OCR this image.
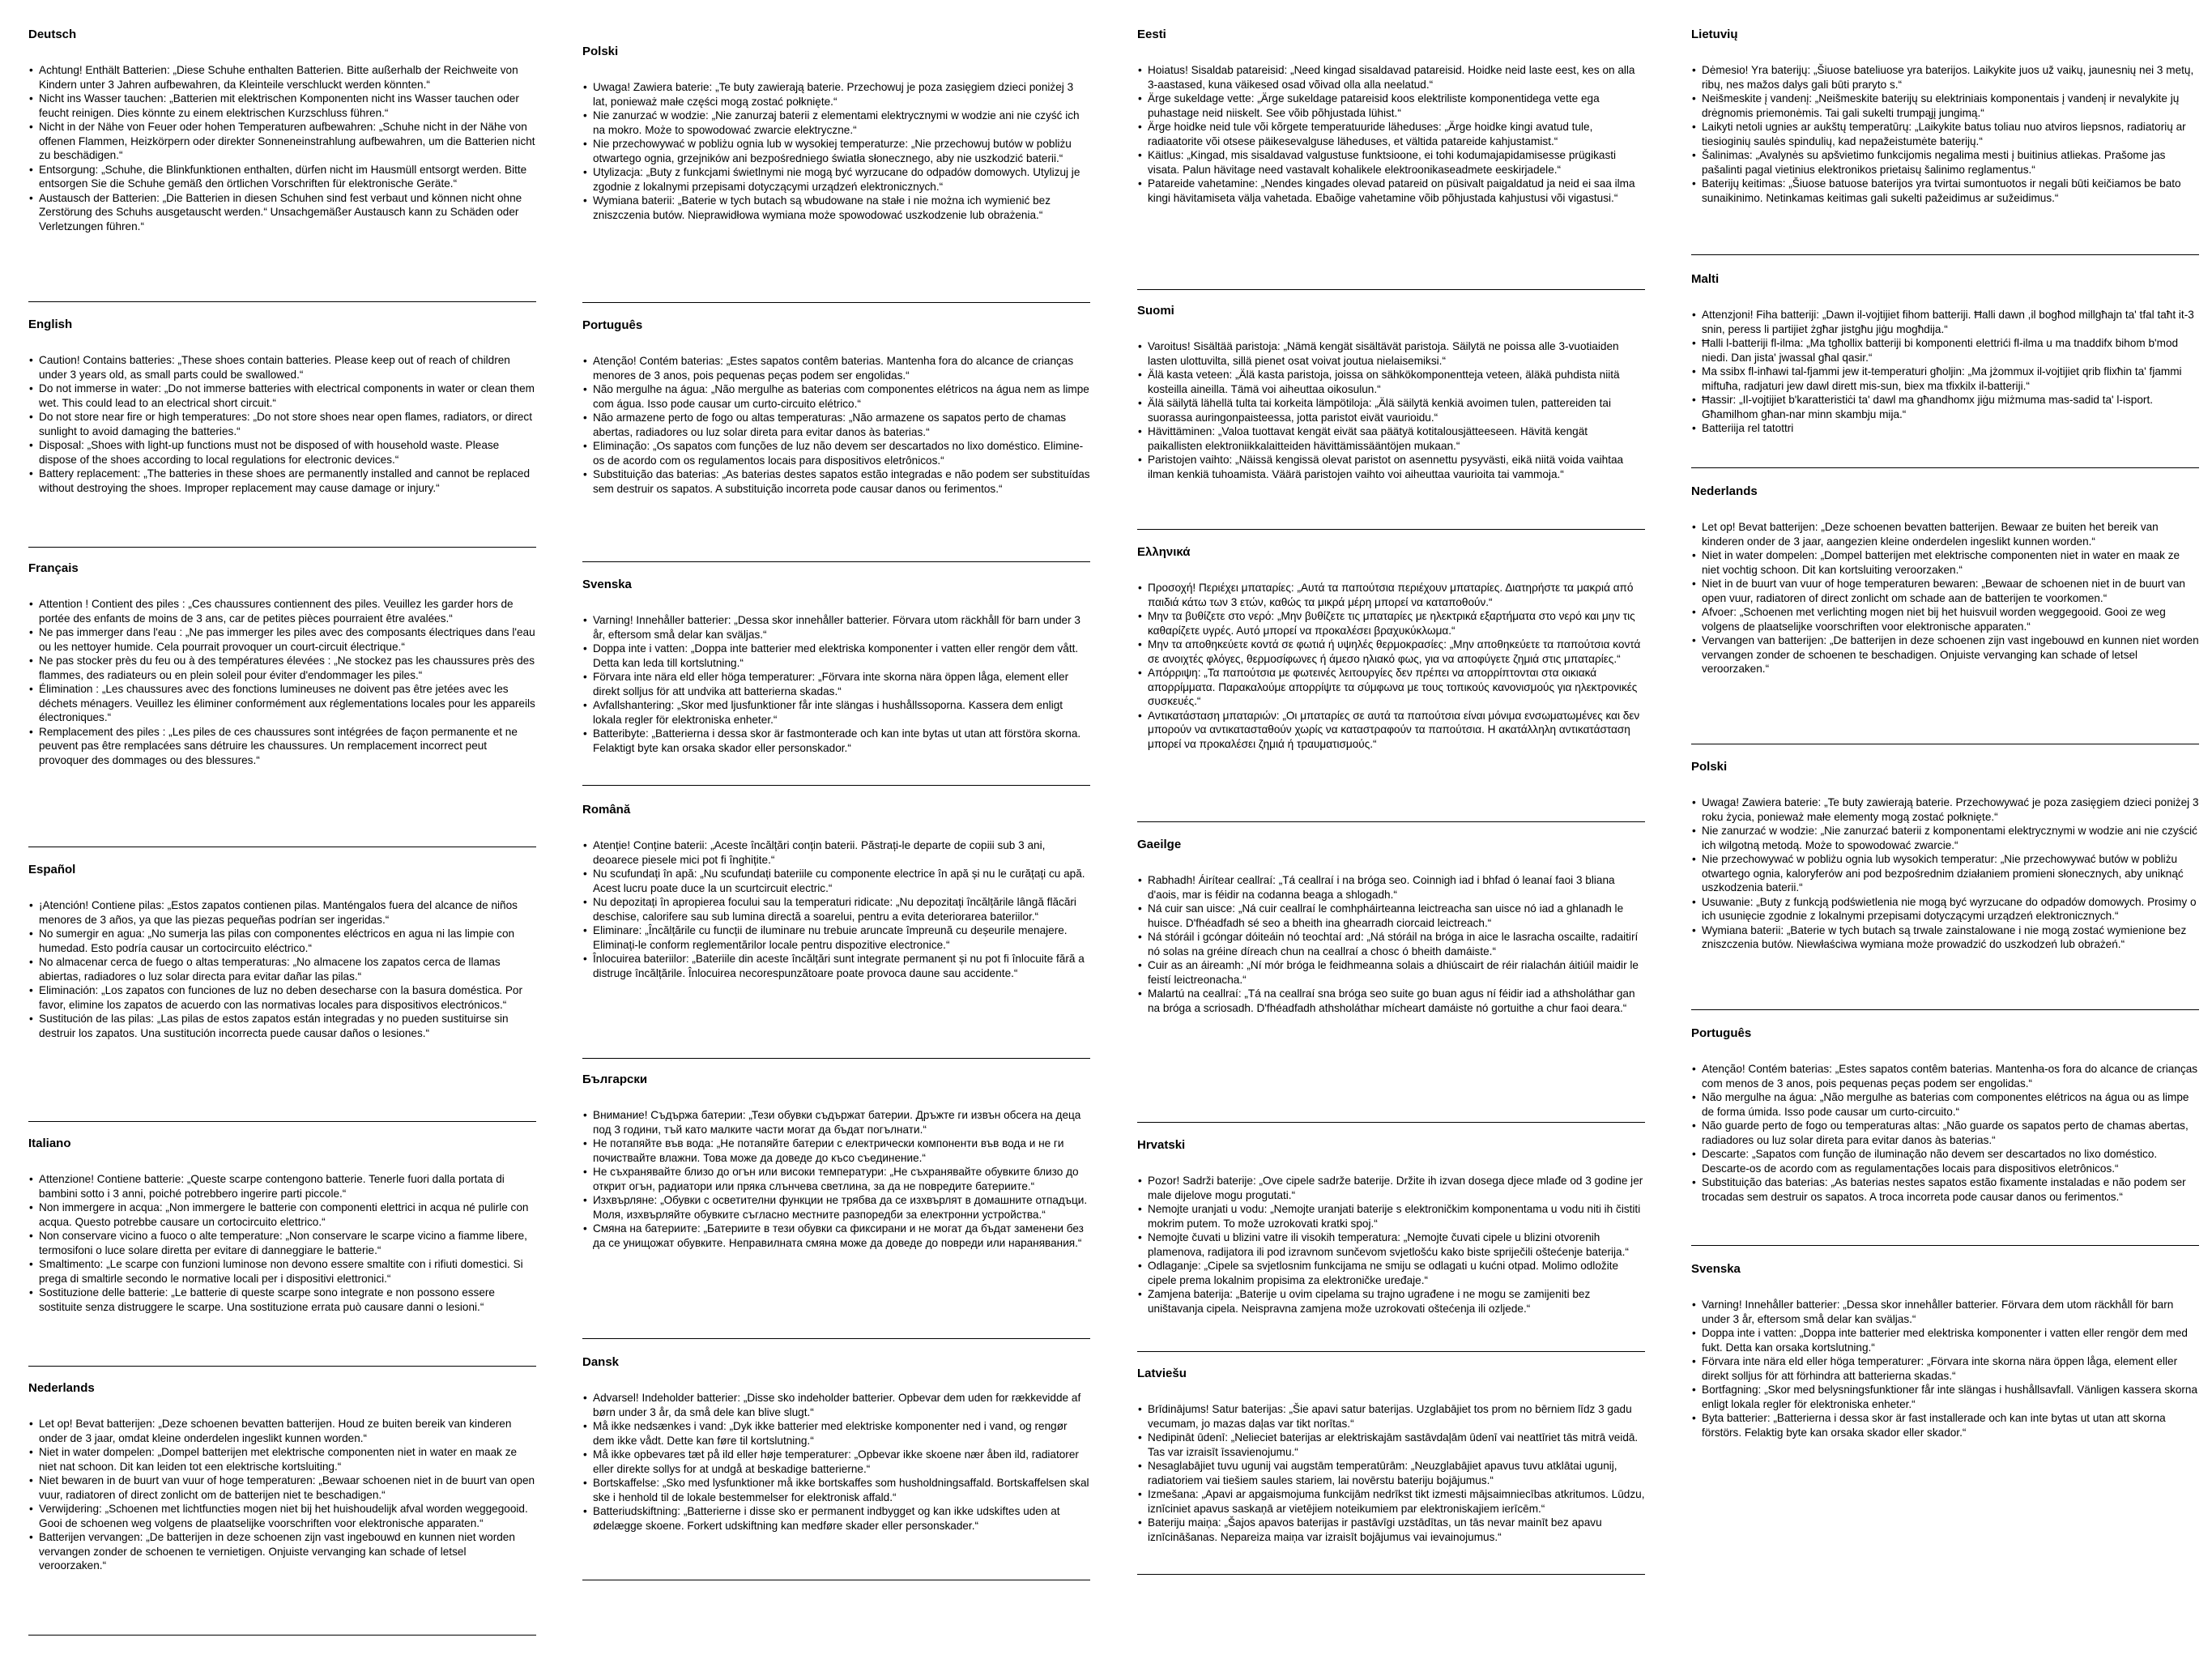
Deutsch
• Achtung! Enthält Batterien: „Diese Schuhe enthalten Batterien. Bitte außerhalb der Reichweite von Kindern unter 3 Jahren aufbewahren, da Kleinteile verschluckt werden könnten.“
• Nicht ins Wasser tauchen: „Batterien mit elektrischen Komponenten nicht ins Wasser tauchen oder feucht reinigen. Dies könnte zu einem elektrischen Kurzschluss führen.“
• Nicht in der Nähe von Feuer oder hohen Temperaturen aufbewahren: „Schuhe nicht in der Nähe von offenen Flammen, Heizkörpern oder direkter Sonneneinstrahlung aufbewahren, um die Batterien nicht zu beschädigen.“
• Entsorgung: „Schuhe, die Blinkfunktionen enthalten, dürfen nicht im Hausmüll entsorgt werden. Bitte entsorgen Sie die Schuhe gemäß den örtlichen Vorschriften für elektronische Geräte.“
• Austausch der Batterien: „Die Batterien in diesen Schuhen sind fest verbaut und können nicht ohne Zerstörung des Schuhs ausgetauscht werden.“ Unsachgemäßer Austausch kann zu Schäden oder Verletzungen führen.“
English
• Caution! Contains batteries: „These shoes contain batteries. Please keep out of reach of children under 3 years old, as small parts could be swallowed.“
• Do not immerse in water: „Do not immerse batteries with electrical components in water or clean them wet. This could lead to an electrical short circuit.“
• Do not store near fire or high temperatures: „Do not store shoes near open flames, radiators, or direct sunlight to avoid damaging the batteries.“
• Disposal: „Shoes with light-up functions must not be disposed of with household waste. Please dispose of the shoes according to local regulations for electronic devices.“
• Battery replacement: „The batteries in these shoes are permanently installed and cannot be replaced without destroying the shoes. Improper replacement may cause damage or injury.“
Français
• Attention ! Contient des piles : „Ces chaussures contiennent des piles. Veuillez les garder hors de portée des enfants de moins de 3 ans, car de petites pièces pourraient être avalées.“
• Ne pas immerger dans l'eau : „Ne pas immerger les piles avec des composants électriques dans l'eau ou les nettoyer humide. Cela pourrait provoquer un court-circuit électrique.“
• Ne pas stocker près du feu ou à des températures élevées : „Ne stockez pas les chaussures près des flammes, des radiateurs ou en plein soleil pour éviter d'endommager les piles.“
• Élimination : „Les chaussures avec des fonctions lumineuses ne doivent pas être jetées avec les déchets ménagers. Veuillez les éliminer conformément aux réglementations locales pour les appareils électroniques.“
• Remplacement des piles : „Les piles de ces chaussures sont intégrées de façon permanente et ne peuvent pas être remplacées sans détruire les chaussures. Un remplacement incorrect peut provoquer des dommages ou des blessures.“
Español
• ¡Atención! Contiene pilas: „Estos zapatos contienen pilas. Manténgalos fuera del alcance de niños menores de 3 años, ya que las piezas pequeñas podrían ser ingeridas.“
• No sumergir en agua: „No sumerja las pilas con componentes eléctricos en agua ni las limpie con humedad. Esto podría causar un cortocircuito eléctrico.“
• No almacenar cerca de fuego o altas temperaturas: „No almacene los zapatos cerca de llamas abiertas, radiadores o luz solar directa para evitar dañar las pilas.“
• Eliminación: „Los zapatos con funciones de luz no deben desecharse con la basura doméstica. Por favor, elimine los zapatos de acuerdo con las normativas locales para dispositivos electrónicos.“
• Sustitución de las pilas: „Las pilas de estos zapatos están integradas y no pueden sustituirse sin destruir los zapatos. Una sustitución incorrecta puede causar daños o lesiones.“
Italiano
• Attenzione! Contiene batterie: „Queste scarpe contengono batterie. Tenerle fuori dalla portata di bambini sotto i 3 anni, poiché potrebbero ingerire parti piccole.“
• Non immergere in acqua: „Non immergere le batterie con componenti elettrici in acqua né pulirle con acqua. Questo potrebbe causare un cortocircuito elettrico.“
• Non conservare vicino a fuoco o alte temperature: „Non conservare le scarpe vicino a fiamme libere, termosifoni o luce solare diretta per evitare di danneggiare le batterie.“
• Smaltimento: „Le scarpe con funzioni luminose non devono essere smaltite con i rifiuti domestici. Si prega di smaltirle secondo le normative locali per i dispositivi elettronici.“
• Sostituzione delle batterie: „Le batterie di queste scarpe sono integrate e non possono essere sostituite senza distruggere le scarpe. Una sostituzione errata può causare danni o lesioni.“
Nederlands
• Let op! Bevat batterijen: „Deze schoenen bevatten batterijen. Houd ze buiten bereik van kinderen onder de 3 jaar, omdat kleine onderdelen ingeslikt kunnen worden.“
• Niet in water dompelen: „Dompel batterijen met elektrische componenten niet in water en maak ze niet nat schoon. Dit kan leiden tot een elektrische kortsluiting.“
• Niet bewaren in de buurt van vuur of hoge temperaturen: „Bewaar schoenen niet in de buurt van open vuur, radiatoren of direct zonlicht om de batterijen niet te beschadigen.“
• Verwijdering: „Schoenen met lichtfuncties mogen niet bij het huishoudelijk afval worden weggegooid. Gooi de schoenen weg volgens de plaatselijke voorschriften voor elektronische apparaten.“
• Batterijen vervangen: „De batterijen in deze schoenen zijn vast ingebouwd en kunnen niet worden vervangen zonder de schoenen te vernietigen. Onjuiste vervanging kan schade of letsel veroorzaken.“
Polski
• Uwaga! Zawiera baterie: „Te buty zawierają baterie. Przechowuj je poza zasięgiem dzieci poniżej 3 lat, ponieważ małe części mogą zostać połknięte.“
• Nie zanurzać w wodzie: „Nie zanurzaj baterii z elementami elektrycznymi w wodzie ani nie czyść ich na mokro. Może to spowodować zwarcie elektryczne.“
• Nie przechowywać w pobliżu ognia lub w wysokiej temperaturze: „Nie przechowuj butów w pobliżu otwartego ognia, grzejników ani bezpośredniego światła słonecznego, aby nie uszkodzić baterii.“
• Utylizacja: „Buty z funkcjami świetlnymi nie mogą być wyrzucane do odpadów domowych. Utylizuj je zgodnie z lokalnymi przepisami dotyczącymi urządzeń elektronicznych.“
• Wymiana baterii: „Baterie w tych butach są wbudowane na stałe i nie można ich wymienić bez zniszczenia butów. Nieprawidłowa wymiana może spowodować uszkodzenie lub obrażenia.“
Português
• Atenção! Contém baterias: „Estes sapatos contêm baterias. Mantenha fora do alcance de crianças menores de 3 anos, pois pequenas peças podem ser engolidas.“
• Não mergulhe na água: „Não mergulhe as baterias com componentes elétricos na água nem as limpe com água. Isso pode causar um curto-circuito elétrico.“
• Não armazene perto de fogo ou altas temperaturas: „Não armazene os sapatos perto de chamas abertas, radiadores ou luz solar direta para evitar danos às baterias.“
• Eliminação: „Os sapatos com funções de luz não devem ser descartados no lixo doméstico. Elimine-os de acordo com os regulamentos locais para dispositivos eletrônicos.“
• Substituição das baterias: „As baterias destes sapatos estão integradas e não podem ser substituídas sem destruir os sapatos. A substituição incorreta pode causar danos ou ferimentos.“
Svenska
• Varning! Innehåller batterier: „Dessa skor innehåller batterier. Förvara utom räckhåll för barn under 3 år, eftersom små delar kan sväljas.“
• Doppa inte i vatten: „Doppa inte batterier med elektriska komponenter i vatten eller rengör dem vått. Detta kan leda till kortslutning.“
• Förvara inte nära eld eller höga temperaturer: „Förvara inte skorna nära öppen låga, element eller direkt solljus för att undvika att batterierna skadas.“
• Avfallshantering: „Skor med ljusfunktioner får inte slängas i hushållssoporna. Kassera dem enligt lokala regler för elektroniska enheter.“
• Batteribyte: „Batterierna i dessa skor är fastmonterade och kan inte bytas ut utan att förstöra skorna. Felaktigt byte kan orsaka skador eller personskador.“
Română
• Atenție! Conține baterii: „Aceste încălțări conțin baterii. Păstrați-le departe de copiii sub 3 ani, deoarece piesele mici pot fi înghițite.“
• Nu scufundați în apă: „Nu scufundați bateriile cu componente electrice în apă și nu le curățați cu apă. Acest lucru poate duce la un scurtcircuit electric.“
• Nu depozitați în apropierea focului sau la temperaturi ridicate: „Nu depozitați încălțările lângă flăcări deschise, calorifere sau sub lumina directă a soarelui, pentru a evita deteriorarea bateriilor.“
• Eliminare: „Încălțările cu funcții de iluminare nu trebuie aruncate împreună cu deșeurile menajere. Eliminați-le conform reglementărilor locale pentru dispozitive electronice.“
• Înlocuirea bateriilor: „Bateriile din aceste încălțări sunt integrate permanent și nu pot fi înlocuite fără a distruge încălțările. Înlocuirea necorespunzătoare poate provoca daune sau accidente.“
Български
• Внимание! Съдържа батерии: „Тези обувки съдържат батерии. Дръжте ги извън обсега на деца под 3 години, тъй като малките части могат да бъдат погълнати.“
• Не потапяйте във вода: „Не потапяйте батерии с електрически компоненти във вода и не ги почиствайте влажни. Това може да доведе до късо съединение.“
• Не съхранявайте близо до огън или високи температури: „Не съхранявайте обувките близо до открит огън, радиатори или пряка слънчева светлина, за да не повредите батериите.“
• Изхвърляне: „Обувки с осветителни функции не трябва да се изхвърлят в домашните отпадъци. Моля, изхвърляйте обувките съгласно местните разпоредби за електронни устройства.“
• Смяна на батериите: „Батериите в тези обувки са фиксирани и не могат да бъдат заменени без да се унищожат обувките. Неправилната смяна може да доведе до повреди или наранявания.“
Dansk
• Advarsel! Indeholder batterier: „Disse sko indeholder batterier. Opbevar dem uden for rækkevidde af børn under 3 år, da små dele kan blive slugt.“
• Må ikke nedsænkes i vand: „Dyk ikke batterier med elektriske komponenter ned i vand, og rengør dem ikke vådt. Dette kan føre til kortslutning.“
• Må ikke opbevares tæt på ild eller høje temperaturer: „Opbevar ikke skoene nær åben ild, radiatorer eller direkte sollys for at undgå at beskadige batterierne.“
• Bortskaffelse: „Sko med lysfunktioner må ikke bortskaffes som husholdningsaffald. Bortskaffelsen skal ske i henhold til de lokale bestemmelser for elektronisk affald.“
• Batteriudskiftning: „Batterierne i disse sko er permanent indbygget og kan ikke udskiftes uden at ødelægge skoene. Forkert udskiftning kan medføre skader eller personskader.“
Eesti
• Hoiatus! Sisaldab patareisid: „Need kingad sisaldavad patareisid. Hoidke neid laste eest, kes on alla 3-aastased, kuna väikesed osad võivad olla alla neelatud.“
• Ärge sukeldage vette: „Ärge sukeldage patareisid koos elektriliste komponentidega vette ega puhastage neid niiskelt. See võib põhjustada lühist.“
• Ärge hoidke neid tule või kõrgete temperatuuride läheduses: „Ärge hoidke kingi avatud tule, radiaatorite või otsese päikesevalguse läheduses, et vältida patareide kahjustamist.“
• Käitlus: „Kingad, mis sisaldavad valgustuse funktsioone, ei tohi kodumajapidamisesse prügikasti visata. Palun hävitage need vastavalt kohalikele elektroonikaseadmete eeskirjadele.“
• Patareide vahetamine: „Nendes kingades olevad patareid on püsivalt paigaldatud ja neid ei saa ilma kingi hävitamiseta välja vahetada. Ebaõige vahetamine võib põhjustada kahjustusi või vigastusi.“
Suomi
• Varoitus! Sisältää paristoja: „Nämä kengät sisältävät paristoja. Säilytä ne poissa alle 3-vuotiaiden lasten ulottuvilta, sillä pienet osat voivat joutua nielaisemiksi.“
• Älä kasta veteen: „Älä kasta paristoja, joissa on sähkökomponentteja veteen, äläkä puhdista niitä kosteilla aineilla. Tämä voi aiheuttaa oikosulun.“
• Älä säilytä lähellä tulta tai korkeita lämpötiloja: „Älä säilytä kenkiä avoimen tulen, pattereiden tai suorassa auringonpaisteessa, jotta paristot eivät vaurioidu.“
• Hävittäminen: „Valoa tuottavat kengät eivät saa päätyä kotitalousjätteeseen. Hävitä kengät paikallisten elektroniikkalaitteiden hävittämissääntöjen mukaan.“
• Paristojen vaihto: „Näissä kengissä olevat paristot on asennettu pysyvästi, eikä niitä voida vaihtaa ilman kenkiä tuhoamista. Väärä paristojen vaihto voi aiheuttaa vaurioita tai vammoja.“
Ελληνικά
• Προσοχή! Περιέχει μπαταρίες: „Αυτά τα παπούτσια περιέχουν μπαταρίες. Διατηρήστε τα μακριά από παιδιά κάτω των 3 ετών, καθώς τα μικρά μέρη μπορεί να καταποθούν.“
• Μην τα βυθίζετε στο νερό: „Μην βυθίζετε τις μπαταρίες με ηλεκτρικά εξαρτήματα στο νερό και μην τις καθαρίζετε υγρές. Αυτό μπορεί να προκαλέσει βραχυκύκλωμα.“
• Μην τα αποθηκεύετε κοντά σε φωτιά ή υψηλές θερμοκρασίες: „Μην αποθηκεύετε τα παπούτσια κοντά σε ανοιχτές φλόγες, θερμοσίφωνες ή άμεσο ηλιακό φως, για να αποφύγετε ζημιά στις μπαταρίες.“
• Απόρριψη: „Τα παπούτσια με φωτεινές λειτουργίες δεν πρέπει να απορρίπτονται στα οικιακά απορρίμματα. Παρακαλούμε απορρίψτε τα σύμφωνα με τους τοπικούς κανονισμούς για ηλεκτρονικές συσκευές.“
• Αντικατάσταση μπαταριών: „Οι μπαταρίες σε αυτά τα παπούτσια είναι μόνιμα ενσωματωμένες και δεν μπορούν να αντικατασταθούν χωρίς να καταστραφούν τα παπούτσια. Η ακατάλληλη αντικατάσταση μπορεί να προκαλέσει ζημιά ή τραυματισμούς.“
Gaeilge
• Rabhadh! Áirítear ceallraí: „Tá ceallraí i na bróga seo. Coinnigh iad i bhfad ó leanaí faoi 3 bliana d'aois, mar is féidir na codanna beaga a shlogadh.“
• Ná cuir san uisce: „Ná cuir ceallraí le comhpháirteanna leictreacha san uisce nó iad a ghlanadh le huisce. D'fhéadfadh sé seo a bheith ina ghearradh ciorcaid leictreach.“
• Ná stóráil i gcóngar dóiteáin nó teochtaí ard: „Ná stóráil na bróga in aice le lasracha oscailte, radaitirí nó solas na gréine díreach chun na ceallraí a chosc ó bheith damáiste.“
• Cuir as an áireamh: „Ní mór bróga le feidhmeanna solais a dhiúscairt de réir rialachán áitiúil maidir le feistí leictreonacha.“
• Malartú na ceallraí: „Tá na ceallraí sna bróga seo suite go buan agus ní féidir iad a athsholáthar gan na bróga a scriosadh. D'fhéadfadh athsholáthar mícheart damáiste nó gortuithe a chur faoi deara.“
Hrvatski
• Pozor! Sadrži baterije: „Ove cipele sadrže baterije. Držite ih izvan dosega djece mlađe od 3 godine jer male dijelove mogu progutati.“
• Nemojte uranjati u vodu: „Nemojte uranjati baterije s elektroničkim komponentama u vodu niti ih čistiti mokrim putem. To može uzrokovati kratki spoj.“
• Nemojte čuvati u blizini vatre ili visokih temperatura: „Nemojte čuvati cipele u blizini otvorenih plamenova, radijatora ili pod izravnom sunčevom svjetlošću kako biste spriječili oštećenje baterija.“
• Odlaganje: „Cipele sa svjetlosnim funkcijama ne smiju se odlagati u kućni otpad. Molimo odložite cipele prema lokalnim propisima za elektroničke uređaje.“
• Zamjena baterija: „Baterije u ovim cipelama su trajno ugrađene i ne mogu se zamijeniti bez uništavanja cipela. Neispravna zamjena može uzrokovati oštećenja ili ozljede.“
Latviešu
• Brīdinājums! Satur baterijas: „Šie apavi satur baterijas. Uzglabājiet tos prom no bērniem līdz 3 gadu vecumam, jo mazas daļas var tikt norītas.“
• Nedipināt ūdenī: „Nelieciet baterijas ar elektriskajām sastāvdaļām ūdenī vai neattīriet tās mitrā veidā. Tas var izraisīt īssavienojumu.“
• Nesaglabājiet tuvu ugunij vai augstām temperatūrām: „Neuzglabājiet apavus tuvu atklātai ugunij, radiatoriem vai tiešiem saules stariem, lai novērstu bateriju bojājumus.“
• Izmešana: „Apavi ar apgaismojuma funkcijām nedrīkst tikt izmesti mājsaimniecības atkritumos. Lūdzu, iznīciniet apavus saskaņā ar vietējiem noteikumiem par elektroniskajiem ierīcēm.“
• Bateriju maiņa: „Šajos apavos baterijas ir pastāvīgi uzstādītas, un tās nevar mainīt bez apavu iznīcināšanas. Nepareiza maiņa var izraisīt bojājumus vai ievainojumus.“
Lietuvių
• Dėmesio! Yra baterijų: „Šiuose bateliuose yra baterijos. Laikykite juos už vaikų, jaunesnių nei 3 metų, ribų, nes mažos dalys gali būti praryto s.“
• Neišmeskite į vandenį: „Neišmeskite baterijų su elektriniais komponentais į vandenį ir nevalykite jų drėgnomis priemonėmis. Tai gali sukelti trumpąjį jungimą.“
• Laikyti netoli ugnies ar aukštų temperatūrų: „Laikykite batus toliau nuo atviros liepsnos, radiatorių ar tiesioginių saulės spindulių, kad nepažeistumėte baterijų.“
• Šalinimas: „Avalynės su apšvietimo funkcijomis negalima mesti į buitinius atliekas. Prašome jas pašalinti pagal vietinius elektronikos prietaisų šalinimo reglamentus.“
• Baterijų keitimas: „Šiuose batuose baterijos yra tvirtai sumontuotos ir negali būti keičiamos be bato sunaikinimo. Netinkamas keitimas gali sukelti pažeidimus ar sužeidimus.“
Malti
• Attenzjoni! Fiha batteriji: „Dawn il-vojtijiet fihom batteriji. Ħalli dawn ,il bogħod millgħajn ta' tfal taħt it-3 snin, peress li partijiet żgħar jistgħu jiġu mogħdija.“
• Ħalli l-batteriji fl-ilma: „Ma tgħollix batteriji bi komponenti elettrići fl-ilma u ma tnaddifx bihom b'mod niedi. Dan jista' jwassal għal qasir.“
• Ma ssibx fl-inħawi tal-fjammi jew it-temperaturi għoljin: „Ma jżommux il-vojtijiet qrib flixħin ta' fjammi miftuħa, radjaturi jew dawl dirett mis-sun, biex ma tfixkilx il-batteriji.“
• Ħassir: „Il-vojtijiet b'karatteristiċi ta' dawl ma għandhomx jiġu miżmuma mas-sadid ta' l-isport. Għamilhom għan-nar minn skambju mija.“
• Batteriija rel tatottri
Nederlands
• Let op! Bevat batterijen: „Deze schoenen bevatten batterijen. Bewaar ze buiten het bereik van kinderen onder de 3 jaar, aangezien kleine onderdelen ingeslikt kunnen worden.“
• Niet in water dompelen: „Dompel batterijen met elektrische componenten niet in water en maak ze niet vochtig schoon. Dit kan kortsluiting veroorzaken.“
• Niet in de buurt van vuur of hoge temperaturen bewaren: „Bewaar de schoenen niet in de buurt van open vuur, radiatoren of direct zonlicht om schade aan de batterijen te voorkomen.“
• Afvoer: „Schoenen met verlichting mogen niet bij het huisvuil worden weggegooid. Gooi ze weg volgens de plaatselijke voorschriften voor elektronische apparaten.“
• Vervangen van batterijen: „De batterijen in deze schoenen zijn vast ingebouwd en kunnen niet worden vervangen zonder de schoenen te beschadigen. Onjuiste vervanging kan schade of letsel veroorzaken.“
Polski
• Uwaga! Zawiera baterie: „Te buty zawierają baterie. Przechowywać je poza zasięgiem dzieci poniżej 3 roku życia, ponieważ małe elementy mogą zostać połknięte.“
• Nie zanurzać w wodzie: „Nie zanurzać baterii z komponentami elektrycznymi w wodzie ani nie czyścić ich wilgotną metodą. Może to spowodować zwarcie.“
• Nie przechowywać w pobliżu ognia lub wysokich temperatur: „Nie przechowywać butów w pobliżu otwartego ognia, kaloryferów ani pod bezpośrednim działaniem promieni słonecznych, aby uniknąć uszkodzenia baterii.“
• Usuwanie: „Buty z funkcją podświetlenia nie mogą być wyrzucane do odpadów domowych. Prosimy o ich usunięcie zgodnie z lokalnymi przepisami dotyczącymi urządzeń elektronicznych.“
• Wymiana baterii: „Baterie w tych butach są trwale zainstalowane i nie mogą zostać wymienione bez zniszczenia butów. Niewłaściwa wymiana może prowadzić do uszkodzeń lub obrażeń.“
Português
• Atenção! Contém baterias: „Estes sapatos contêm baterias. Mantenha-os fora do alcance de crianças com menos de 3 anos, pois pequenas peças podem ser engolidas.“
• Não mergulhe na água: „Não mergulhe as baterias com componentes elétricos na água ou as limpe de forma úmida. Isso pode causar um curto-circuito.“
• Não guarde perto de fogo ou temperaturas altas: „Não guarde os sapatos perto de chamas abertas, radiadores ou luz solar direta para evitar danos às baterias.“
• Descarte: „Sapatos com função de iluminação não devem ser descartados no lixo doméstico. Descarte-os de acordo com as regulamentações locais para dispositivos eletrônicos.“
• Substituição das baterias: „As baterias nestes sapatos estão fixamente instaladas e não podem ser trocadas sem destruir os sapatos. A troca incorreta pode causar danos ou ferimentos.“
Svenska
• Varning! Innehåller batterier: „Dessa skor innehåller batterier. Förvara dem utom räckhåll för barn under 3 år, eftersom små delar kan sväljas.“
• Doppa inte i vatten: „Doppa inte batterier med elektriska komponenter i vatten eller rengör dem med fukt. Detta kan orsaka kortslutning.“
• Förvara inte nära eld eller höga temperaturer: „Förvara inte skorna nära öppen låga, element eller direkt solljus för att förhindra att batterierna skadas.“
• Bortfagning: „Skor med belysningsfunktioner får inte slängas i hushållsavfall. Vänligen kassera skorna enligt lokala regler för elektroniska enheter.“
• Byta batterier: „Batterierna i dessa skor är fast installerade och kan inte bytas ut utan att skorna förstörs. Felaktig byte kan orsaka skador eller skador.“
